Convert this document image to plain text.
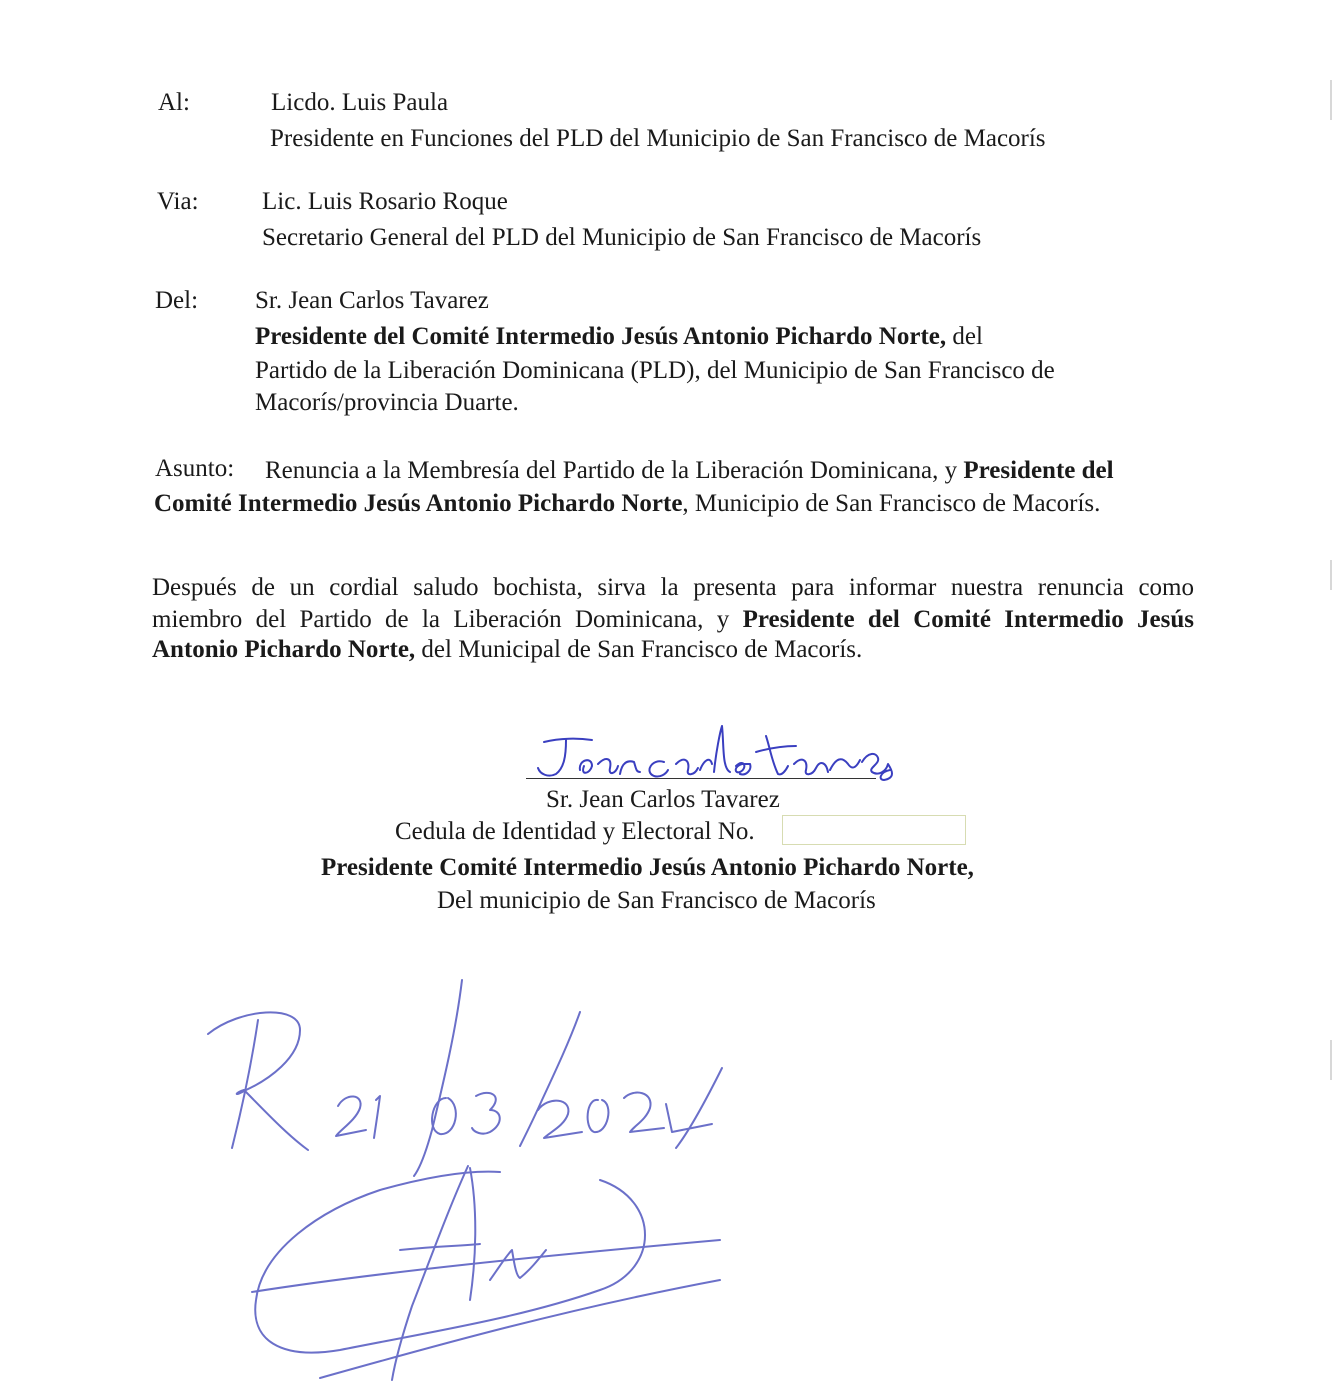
Al:	Licdo. Luis Paula
Presidente en Funciones del PLD del Municipio de San Francisco de Macorís
Via:	Lic. Luis Rosario Roque
Secretario General del PLD del Municipio de San Francisco de Macorís
Del: Sr. Jean Carlos Tavarez
Presidente del Comité Intermedio Jesús Antonio Pichardo Norte, del
Partido de la Liberación Dominicana (PLD), del Municipio de San Francisco de
Macorís/provincia Duarte.
Asunto: Renuncia a la Membresía del Partido de la Liberación Dominicana, y Presidente del
Comité Intermedio Jesús Antonio Pichardo Norte, Municipio de San Francisco de Macorís.
Después de un cordial saludo bochista, sirva la presenta para informar nuestra renuncia como
miembro del Partido de la Liberación Dominicana, y Presidente del Comité Intermedio Jesús
Antonio Pichardo Norte, del Municipal de San Francisco de Macorís.
Sr. Jean Carlos Tavarez
Cedula de Identidad y Electoral No.
Presidente Comité Intermedio Jesús Antonio Pichardo Norte,
Del municipio de San Francisco de Macorís
